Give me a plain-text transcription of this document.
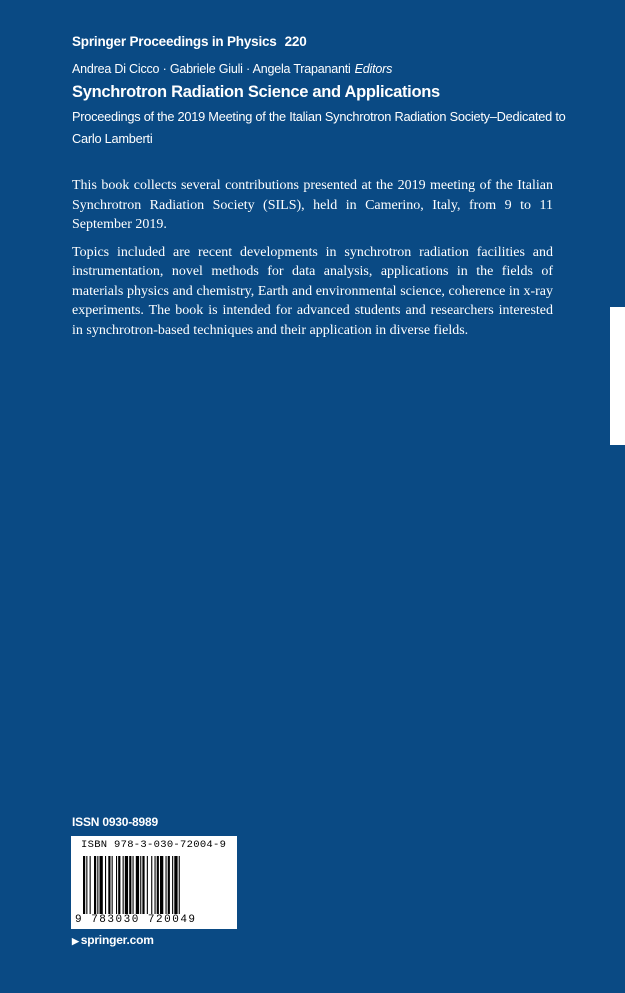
Springer Proceedings in Physics 220
Andrea Di Cicco · Gabriele Giuli · Angela Trapananti Editors
Synchrotron Radiation Science and Applications
Proceedings of the 2019 Meeting of the Italian Synchrotron Radiation Society–Dedicated to Carlo Lamberti

This book collects several contributions presented at the 2019 meeting of the Italian Synchrotron Radiation Society (SILS), held in Camerino, Italy, from 9 to 11 September 2019.

Topics included are recent developments in synchrotron radiation facilities and instrumentation, novel methods for data analysis, applications in the fields of materials physics and chemistry, Earth and environmental science, coherence in x-ray experiments. The book is intended for advanced students and researchers interested in synchrotron-based techniques and their application in diverse fields.

ISSN 0930-8989
ISBN 978-3-030-72004-9
9 783030 720049
▶ springer.com
